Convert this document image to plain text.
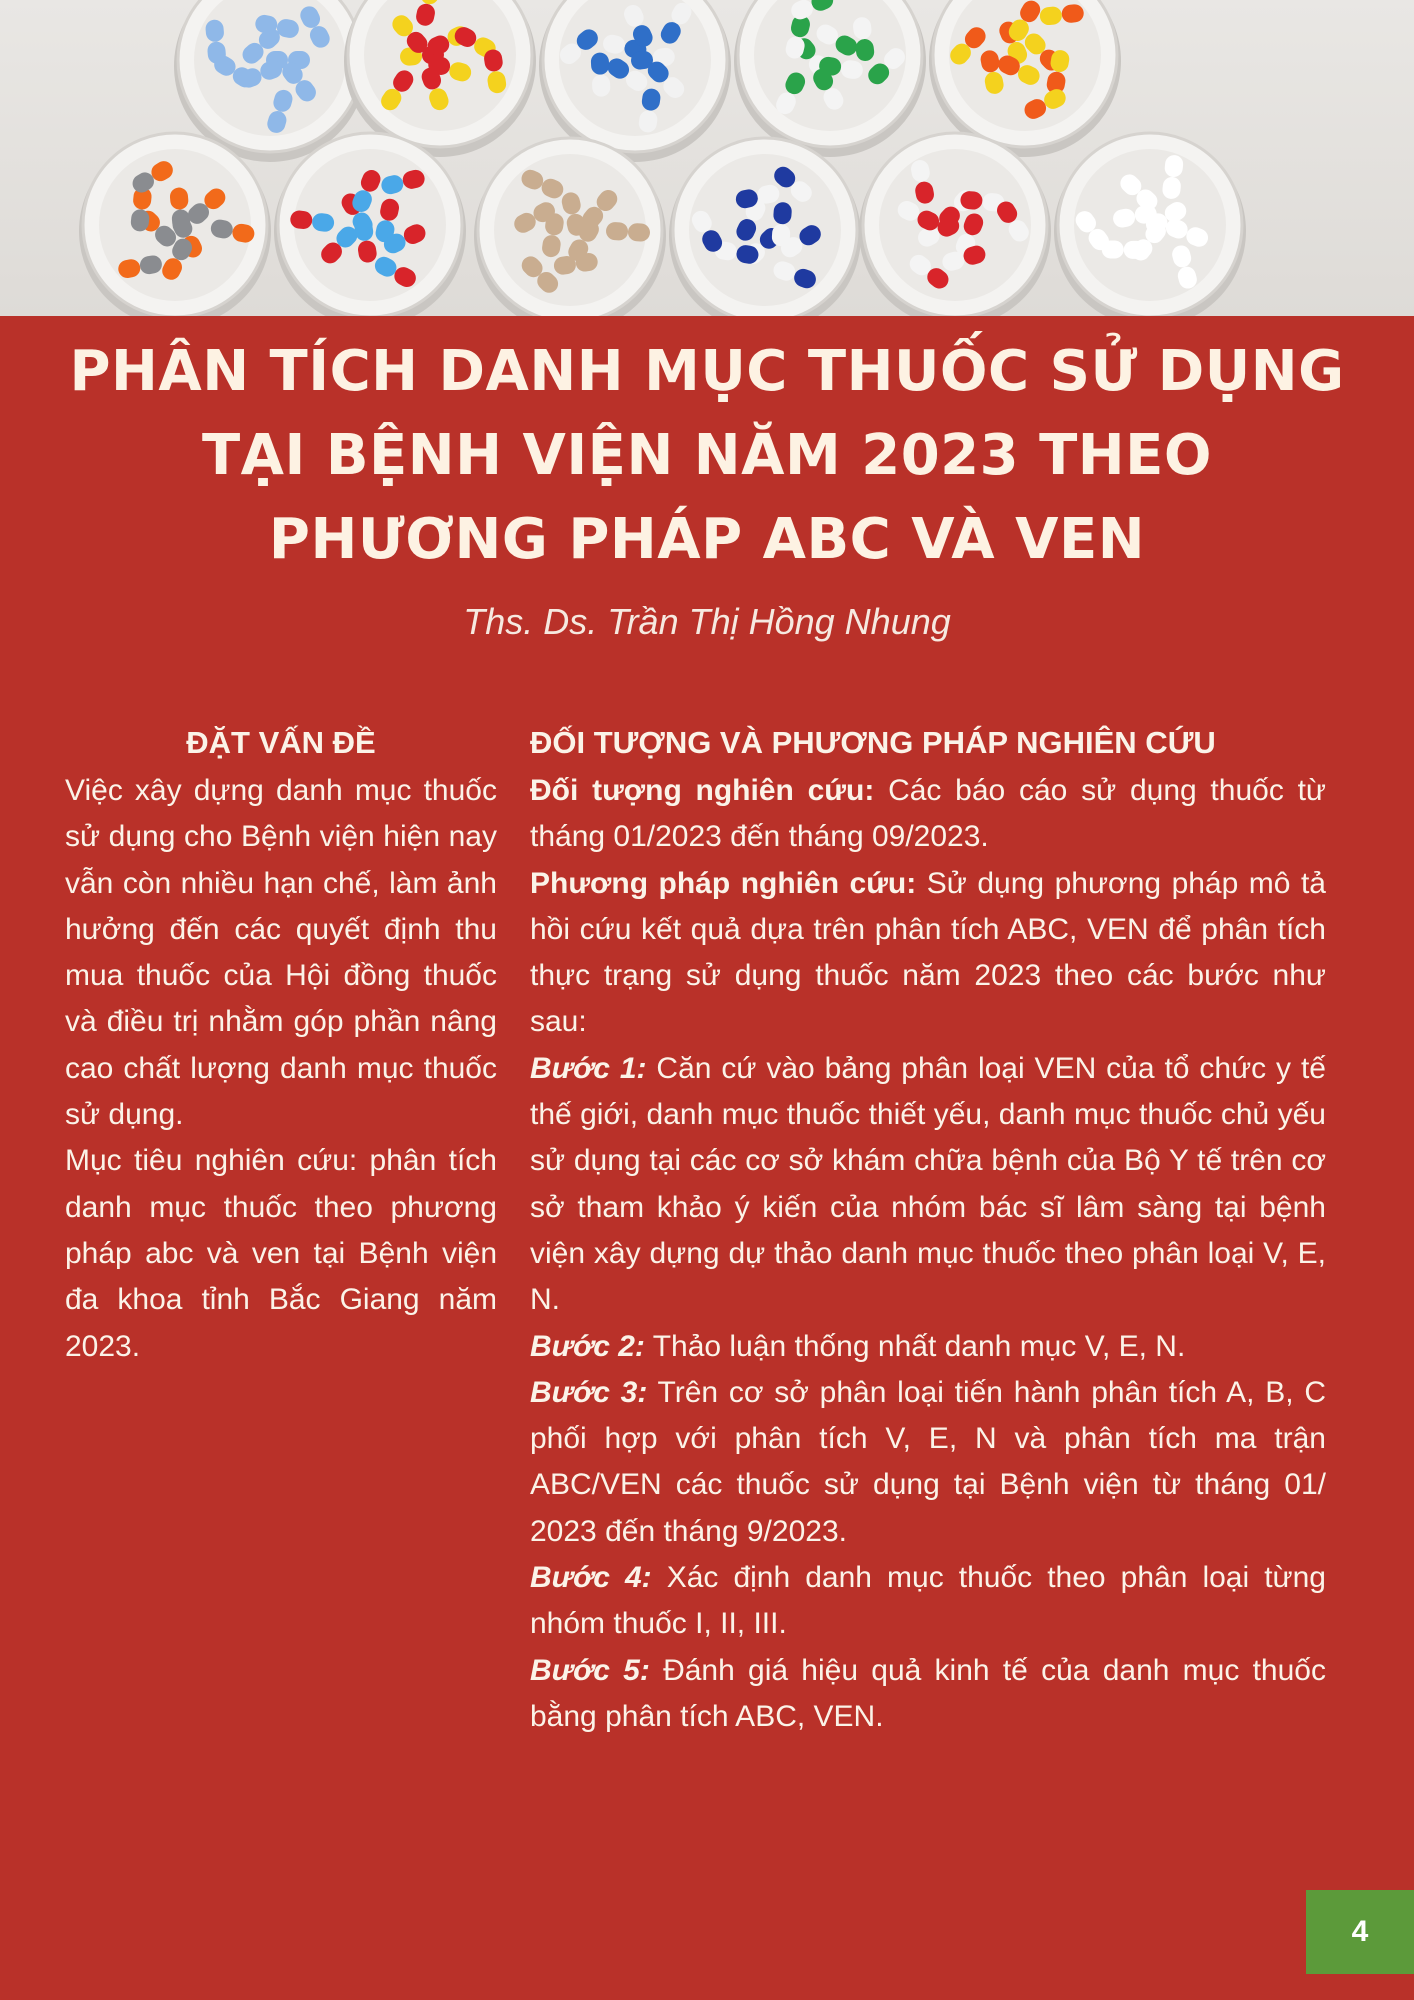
PHÂN TÍCH DANH MỤC THUỐC SỬ DỤNG
TẠI BỆNH VIỆN NĂM 2023 THEO
PHƯƠNG PHÁP ABC VÀ VEN
Ths. Ds. Trần Thị Hồng Nhung

ĐẶT VẤN ĐỀ

Việc xây dựng danh mục thuốc sử dụng cho Bệnh viện hiện nay vẫn còn nhiều hạn chế, làm ảnh hưởng đến các quyết định thu mua thuốc của Hội đồng thuốc và điều trị nhằm góp phần nâng cao chất lượng danh mục thuốc sử dụng.

Mục tiêu nghiên cứu: phân tích danh mục thuốc theo phương pháp abc và ven tại Bệnh viện đa khoa tỉnh Bắc Giang năm 2023.

ĐỐI TƯỢNG VÀ PHƯƠNG PHÁP NGHIÊN CỨU

Đối tượng nghiên cứu: Các báo cáo sử dụng thuốc từ tháng 01/2023 đến tháng 09/2023.

Phương pháp nghiên cứu: Sử dụng phương pháp mô tả hồi cứu kết quả dựa trên phân tích ABC, VEN để phân tích thực trạng sử dụng thuốc năm 2023 theo các bước như sau:

Bước 1: Căn cứ vào bảng phân loại VEN của tổ chức y tế thế giới, danh mục thuốc thiết yếu, danh mục thuốc chủ yếu sử dụng tại các cơ sở khám chữa bệnh của Bộ Y tế trên cơ sở tham khảo ý kiến của nhóm bác sĩ lâm sàng tại bệnh viện xây dựng dự thảo danh mục thuốc theo phân loại V, E, N.

Bước 2: Thảo luận thống nhất danh mục V, E, N.

Bước 3: Trên cơ sở phân loại tiến hành phân tích A, B, C phối hợp với phân tích V, E, N và phân tích ma trận ABC/VEN các thuốc sử dụng tại Bệnh viện từ tháng 01/ 2023 đến tháng 9/2023.

Bước 4: Xác định danh mục thuốc theo phân loại từng nhóm thuốc I, II, III.

Bước 5: Đánh giá hiệu quả kinh tế của danh mục thuốc bằng phân tích ABC, VEN.

4
